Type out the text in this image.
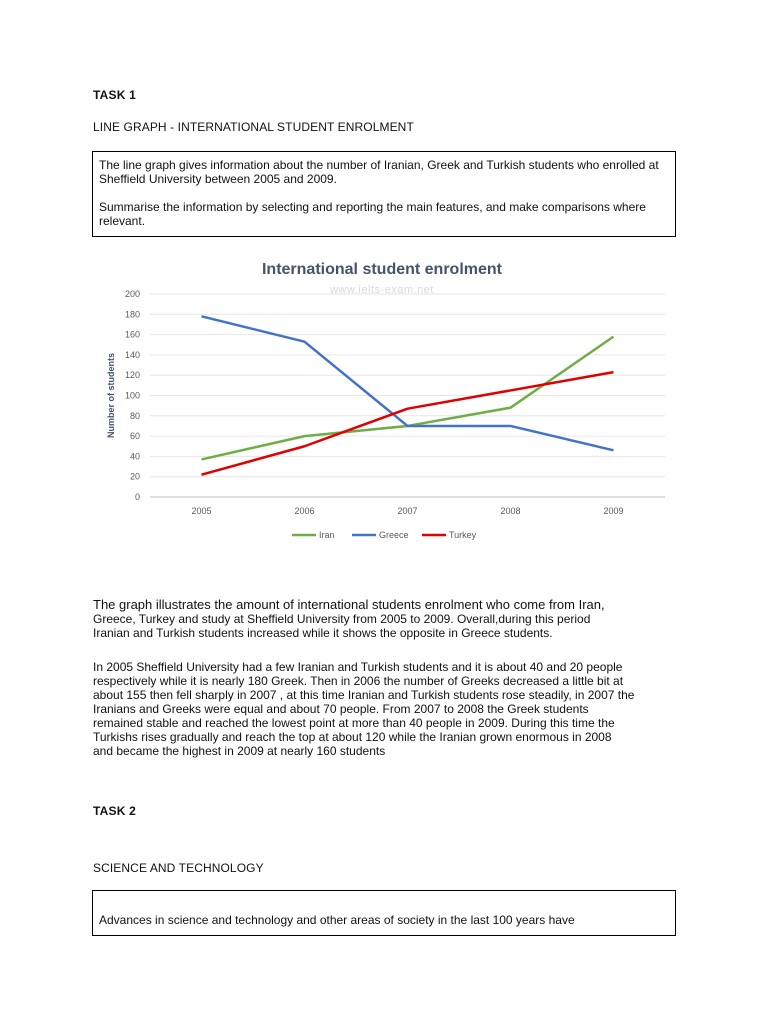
TASK 1
LINE GRAPH - INTERNATIONAL STUDENT ENROLMENT

The line graph gives information about the number of Iranian, Greek and Turkish students who enrolled at Sheffield University between 2005 and 2009.

Summarise the information by selecting and reporting the main features, and make comparisons where relevant.

International student enrolment
www.ielts-exam.net
0
20
40
60
80
100
120
140
160
180
200
2005	2006	2007	2008	2009
Number of students
Iran	Greece	Turkey

The graph illustrates the amount of international students enrolment who come from Iran,

Greece, Turkey and study at Sheffield University from 2005 to 2009. Overall,during this period

Iranian and Turkish students increased while it shows the opposite in Greece students.

In 2005 Sheffield University had a few Iranian and Turkish students and it is about 40 and 20 people

respectively while it is nearly 180 Greek. Then in 2006 the number of Greeks decreased a little bit at

about 155 then fell sharply in 2007 , at this time Iranian and Turkish students rose steadily, in 2007 the

Iranians and Greeks were equal and about 70 people. From 2007 to 2008 the Greek students

remained stable and reached the lowest point at more than 40 people in 2009. During this time the

Turkishs rises gradually and reach the top at about 120 while the Iranian grown enormous in 2008

and became the highest in 2009 at nearly 160 students

TASK 2
SCIENCE AND TECHNOLOGY

Advances in science and technology and other areas of society in the last 100 years have
